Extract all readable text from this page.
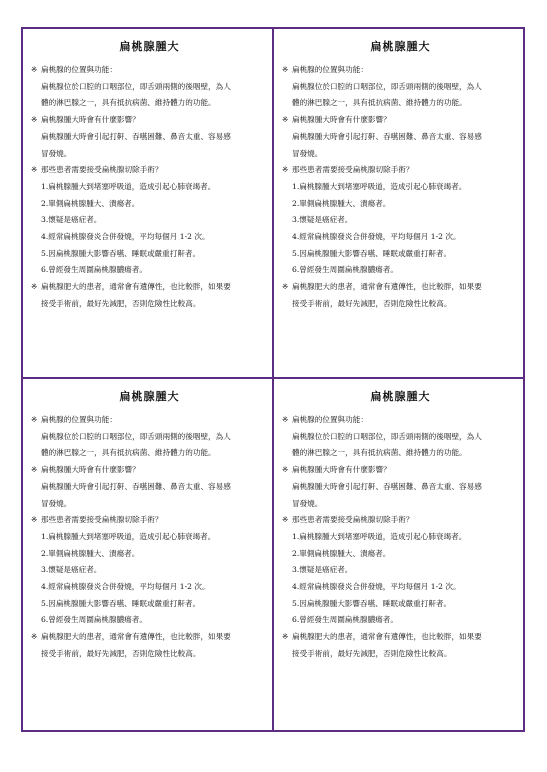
扁桃腺腫大
※ 扁桃腺的位置與功能：
扁桃腺位於口腔的口咽部位，即舌頭兩側的後咽壁，為人
體的淋巴腺之一，具有抵抗病菌、維持體力的功能。
※ 扁桃腺腫大時會有什麼影響？
扁桃腺腫大時會引起打鼾、吞嚥困難、鼻音太重、容易感
冒發燒。
※ 那些患者需要接受扁桃腺切除手術？
1.扁桃腺腫大到堵塞呼吸道，造成引起心肺衰竭者。
2.單側扁桃腺腫大、潰瘍者。
3.懷疑是癌症者。
4.經常扁桃腺發炎合併發燒，平均每個月 1-2 次。
5.因扁桃腺腫大影響吞嚥、睡眠或嚴重打鼾者。
6.曾經發生周圍扁桃腺膿瘍者。
※ 扁桃腺肥大的患者，通常會有遺傳性，也比較胖，如果要
接受手術前，最好先減肥，否則危險性比較高。
扁桃腺腫大
※ 扁桃腺的位置與功能：
扁桃腺位於口腔的口咽部位，即舌頭兩側的後咽壁，為人
體的淋巴腺之一，具有抵抗病菌、維持體力的功能。
※ 扁桃腺腫大時會有什麼影響？
扁桃腺腫大時會引起打鼾、吞嚥困難、鼻音太重、容易感
冒發燒。
※ 那些患者需要接受扁桃腺切除手術？
1.扁桃腺腫大到堵塞呼吸道，造成引起心肺衰竭者。
2.單側扁桃腺腫大、潰瘍者。
3.懷疑是癌症者。
4.經常扁桃腺發炎合併發燒，平均每個月 1-2 次。
5.因扁桃腺腫大影響吞嚥、睡眠或嚴重打鼾者。
6.曾經發生周圍扁桃腺膿瘍者。
※ 扁桃腺肥大的患者，通常會有遺傳性，也比較胖，如果要
接受手術前，最好先減肥，否則危險性比較高。
扁桃腺腫大
※ 扁桃腺的位置與功能：
扁桃腺位於口腔的口咽部位，即舌頭兩側的後咽壁，為人
體的淋巴腺之一，具有抵抗病菌、維持體力的功能。
※ 扁桃腺腫大時會有什麼影響？
扁桃腺腫大時會引起打鼾、吞嚥困難、鼻音太重、容易感
冒發燒。
※ 那些患者需要接受扁桃腺切除手術？
1.扁桃腺腫大到堵塞呼吸道，造成引起心肺衰竭者。
2.單側扁桃腺腫大、潰瘍者。
3.懷疑是癌症者。
4.經常扁桃腺發炎合併發燒，平均每個月 1-2 次。
5.因扁桃腺腫大影響吞嚥、睡眠或嚴重打鼾者。
6.曾經發生周圍扁桃腺膿瘍者。
※ 扁桃腺肥大的患者，通常會有遺傳性，也比較胖，如果要
接受手術前，最好先減肥，否則危險性比較高。
扁桃腺腫大
※ 扁桃腺的位置與功能：
扁桃腺位於口腔的口咽部位，即舌頭兩側的後咽壁，為人
體的淋巴腺之一，具有抵抗病菌、維持體力的功能。
※ 扁桃腺腫大時會有什麼影響？
扁桃腺腫大時會引起打鼾、吞嚥困難、鼻音太重、容易感
冒發燒。
※ 那些患者需要接受扁桃腺切除手術？
1.扁桃腺腫大到堵塞呼吸道，造成引起心肺衰竭者。
2.單側扁桃腺腫大、潰瘍者。
3.懷疑是癌症者。
4.經常扁桃腺發炎合併發燒，平均每個月 1-2 次。
5.因扁桃腺腫大影響吞嚥、睡眠或嚴重打鼾者。
6.曾經發生周圍扁桃腺膿瘍者。
※ 扁桃腺肥大的患者，通常會有遺傳性，也比較胖，如果要
接受手術前，最好先減肥，否則危險性比較高。
